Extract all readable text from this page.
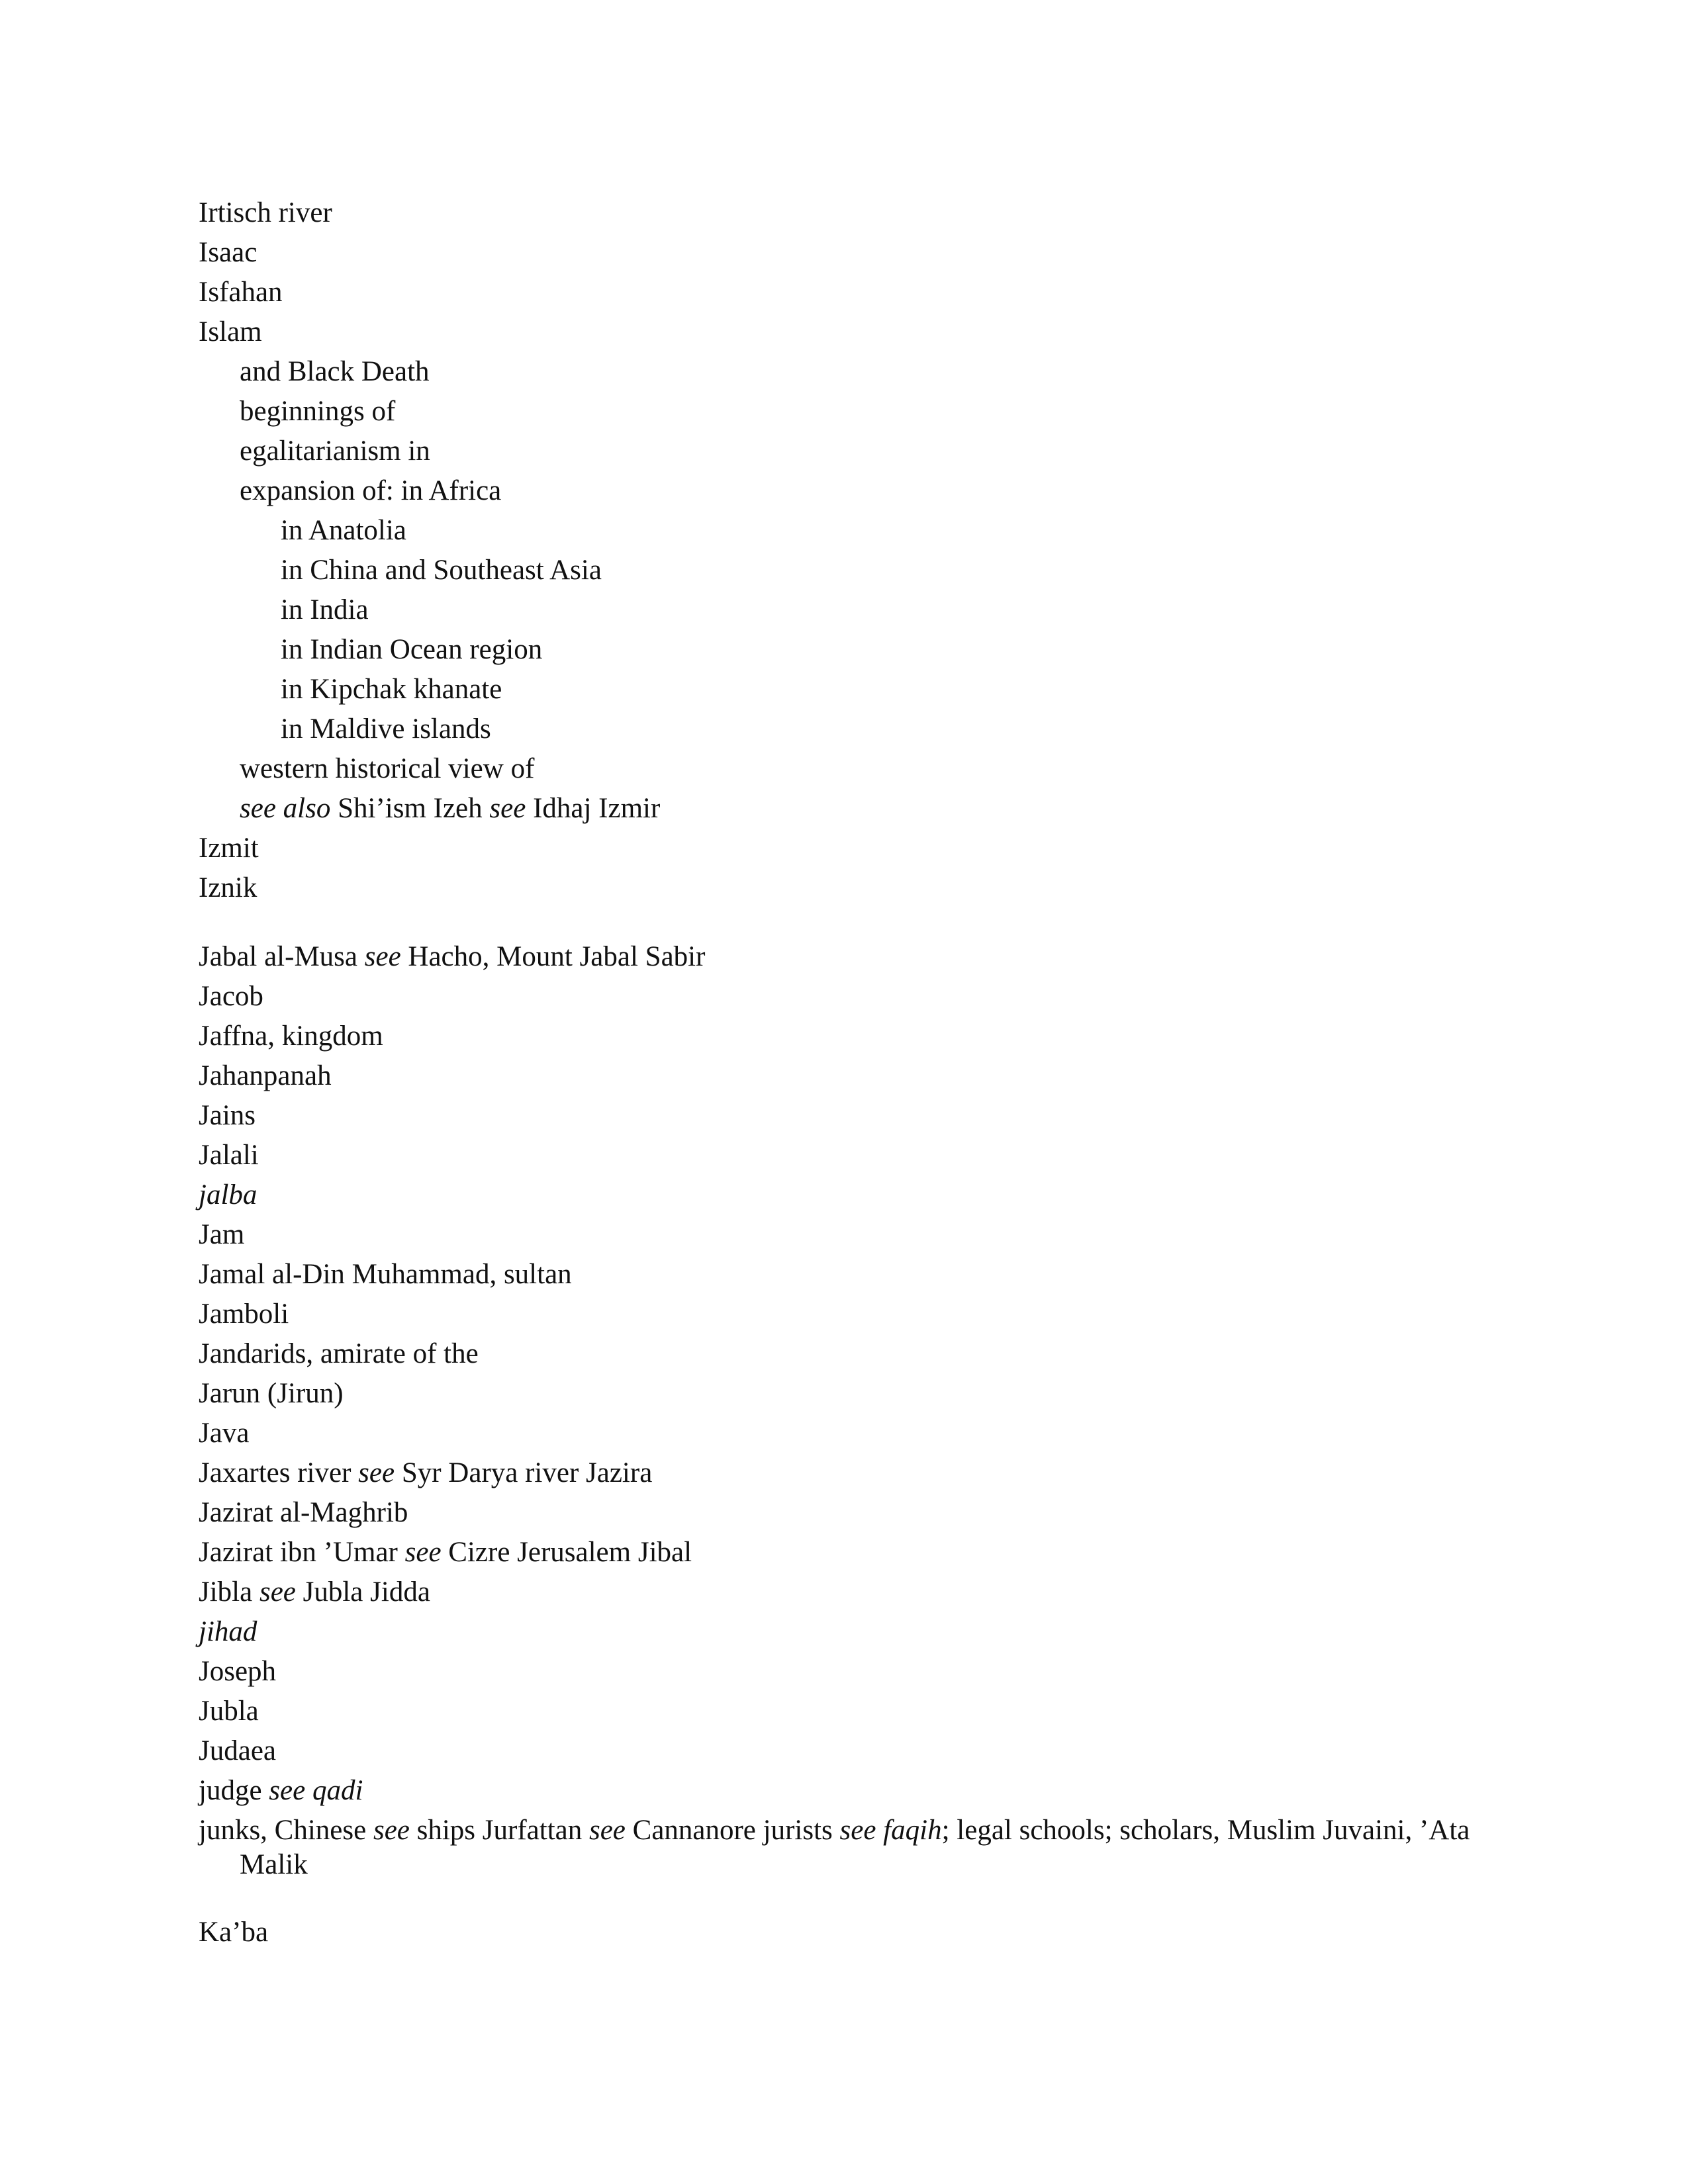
Irtisch river
Isaac
Isfahan
Islam
and Black Death
beginnings of
egalitarianism in
expansion of: in Africa
in Anatolia
in China and Southeast Asia
in India
in Indian Ocean region
in Kipchak khanate
in Maldive islands
western historical view of
see also Shi’ism Izeh see Idhaj Izmir
Izmit
Iznik
Jabal al-Musa see Hacho, Mount Jabal Sabir
Jacob
Jaffna, kingdom
Jahanpanah
Jains
Jalali
jalba
Jam
Jamal al-Din Muhammad, sultan
Jamboli
Jandarids, amirate of the
Jarun (Jirun)
Java
Jaxartes river see Syr Darya river Jazira
Jazirat al-Maghrib
Jazirat ibn ’Umar see Cizre Jerusalem Jibal
Jibla see Jubla Jidda
jihad
Joseph
Jubla
Judaea
judge see qadi
junks, Chinese see ships Jurfattan see Cannanore jurists see faqih; legal schools; scholars, Muslim Juvaini, ’Ata Malik
Ka’ba
